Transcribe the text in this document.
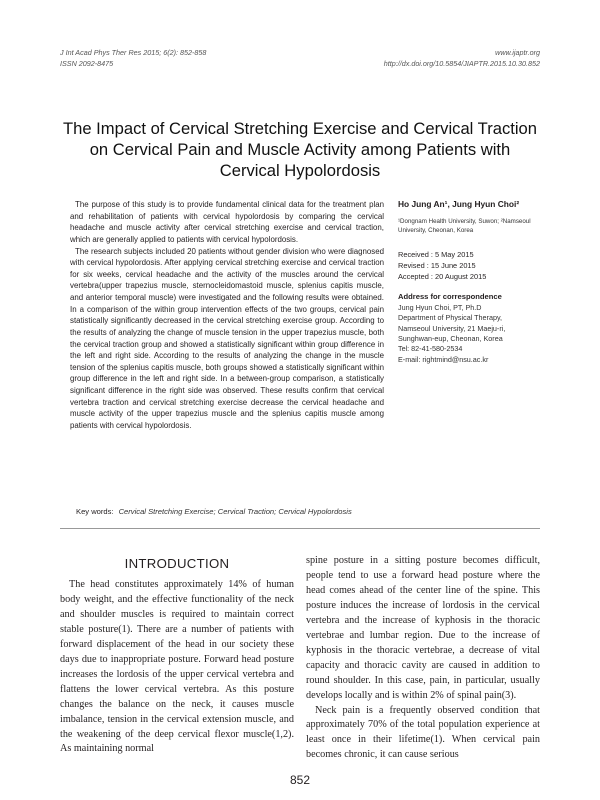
J Int Acad Phys Ther Res 2015; 6(2): 852-858
ISSN 2092-8475
www.ijaptr.org
http://dx.doi.org/10.5854/JIAPTR.2015.10.30.852
The Impact of Cervical Stretching Exercise and Cervical Traction on Cervical Pain and Muscle Activity among Patients with Cervical Hypolordosis

The purpose of this study is to provide fundamental clinical data for the treatment plan and rehabilitation of patients with cervical hypolordosis by comparing the cervical headache and muscle activity after cervical stretching exercise and cervical traction, which are generally applied to patients with cervical hypolordosis.

The research subjects included 20 patients without gender division who were diagnosed with cervical hypolordosis. After applying cervical stretching exercise and cervical traction for six weeks, cervical headache and the activity of the muscles around the cervical vertebra(upper trapezius muscle, sternocleidomastoid muscle, splenius capitis muscle, and anterior temporal muscle) were investigated and the following results were obtained. In a comparison of the within group intervention effects of the two groups, cervical pain statistically significantly decreased in the cervical stretching exercise group. According to the results of analyzing the change of muscle tension in the upper trapezius muscle, both the cervical traction group and showed a statistically significant within group difference in the left and right side. According to the results of analyzing the change in the muscle tension of the splenius capitis muscle, both groups showed a statistically significant within group difference in the left and right side. In a between-group comparison, a statistically significant difference in the right side was observed. These results confirm that cervical vertebra traction and cervical stretching exercise decrease the cervical headache and muscle activity of the upper trapezius muscle and the splenius capitis muscle among patients with cervical hypolordosis.

Ho Jung An¹, Jung Hyun Choi²
¹Dongnam Health University, Suwon; ²Namseoul University, Cheonan, Korea
Received : 5 May 2015
Revised : 15 June 2015
Accepted : 20 August 2015
Address for correspondence
Jung Hyun Choi, PT, Ph.D
Department of Physical Therapy,
Namseoul University, 21 Maeju-ri,
Sunghwan-eup, Cheonan, Korea
Tel: 82-41-580-2534
E-mail: rightmind@nsu.ac.kr
Key words: Cervical Stretching Exercise; Cervical Traction; Cervical Hypolordosis
INTRODUCTION

The head constitutes approximately 14% of human body weight, and the effective functionality of the neck and shoulder muscles is required to maintain correct stable posture(1). There are a number of patients with forward displacement of the head in our society these days due to inappropriate posture. Forward head posture increases the lordosis of the upper cervical vertebra and flattens the lower cervical vertebra. As this posture changes the balance on the neck, it causes muscle imbalance, tension in the cervical extension muscle, and the weakening of the deep cervical flexor muscle(1,2). As maintaining normal

spine posture in a sitting posture becomes difficult, people tend to use a forward head posture where the head comes ahead of the center line of the spine. This posture induces the increase of lordosis in the cervical vertebra and the increase of kyphosis in the thoracic vertebrae and lumbar region. Due to the increase of kyphosis in the thoracic vertebrae, a decrease of vital capacity and thoracic cavity are caused in addition to round shoulder. In this case, pain, in particular, usually develops locally and is within 2% of spinal pain(3).

Neck pain is a frequently observed condition that approximately 70% of the total population experience at least once in their lifetime(1). When cervical pain becomes chronic, it can cause serious

852
